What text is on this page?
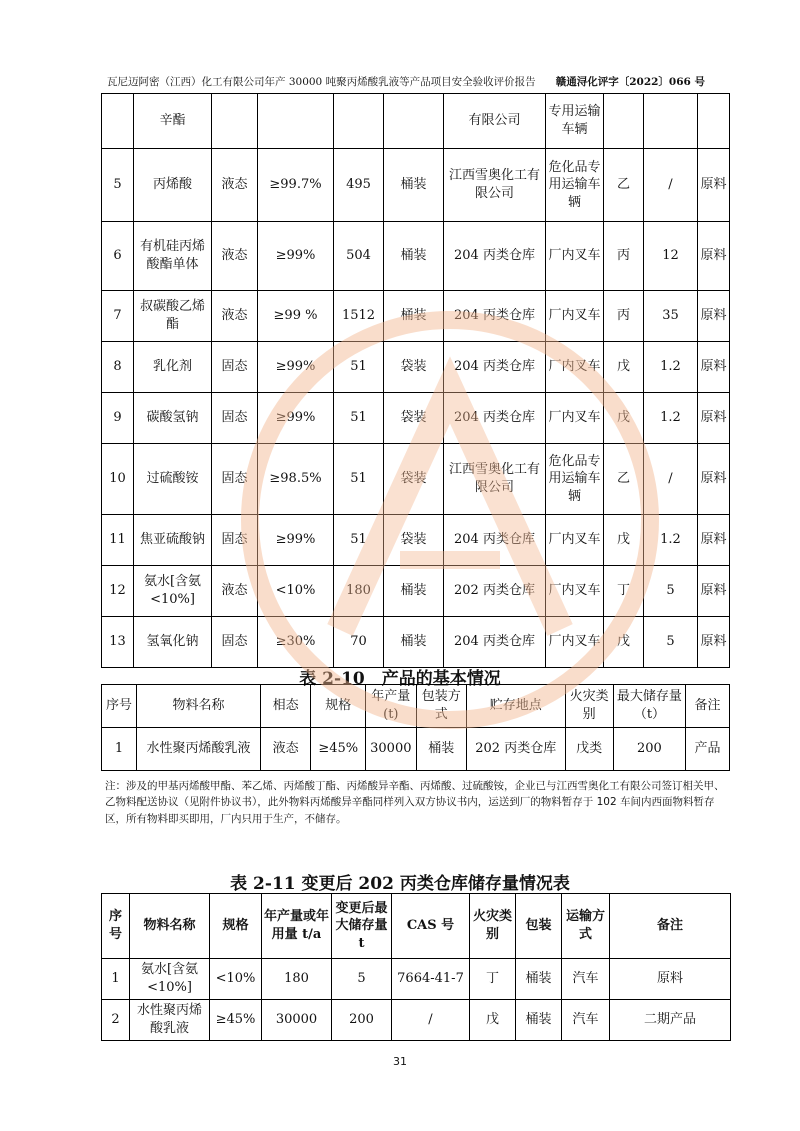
瓦尼迈阿密（江西）化工有限公司年产 30000 吨聚丙烯酸乳液等产品项目安全验收评价报告 赣通浔化评字〔2022〕066 号
	辛酯					有限公司	专用运输车辆			
5	丙烯酸	液态	≥99.7%	495	桶装	江西雪奥化工有限公司	危化品专用运输车辆	乙	/	原料
6	有机硅丙烯酸酯单体	液态	≥99%	504	桶装	204 丙类仓库	厂内叉车	丙	12	原料
7	叔碳酸乙烯酯	液态	≥99 %	1512	桶装	204 丙类仓库	厂内叉车	丙	35	原料
8	乳化剂	固态	≥99%	51	袋装	204 丙类仓库	厂内叉车	戊	1.2	原料
9	碳酸氢钠	固态	≥99%	51	袋装	204 丙类仓库	厂内叉车	戊	1.2	原料
10	过硫酸铵	固态	≥98.5%	51	袋装	江西雪奥化工有限公司	危化品专用运输车辆	乙	/	原料
11	焦亚硫酸钠	固态	≥99%	51	袋装	204 丙类仓库	厂内叉车	戊	1.2	原料
12	氨水[含氨<10%]	液态	<10%	180	桶装	202 丙类仓库	厂内叉车	丁	5	原料
13	氢氧化钠	固态	≥30%	70	桶装	204 丙类仓库	厂内叉车	戊	5	原料
表 2-10　产品的基本情况
序号	物料名称	相态	规格	年产量(t)	包装方式	贮存地点	火灾类别	最大储存量（t）	备注
1	水性聚丙烯酸乳液	液态	≥45%	30000	桶装	202 丙类仓库	戊类	200	产品
注：涉及的甲基丙烯酸甲酯、苯乙烯、丙烯酸丁酯、丙烯酸异辛酯、丙烯酸、过硫酸铵，企业已与江西雪奥化工有限公司签订相关甲、乙物料配送协议（见附件协议书），此外物料丙烯酸异辛酯同样列入双方协议书内，运送到厂的物料暂存于 102 车间内西面物料暂存区，所有物料即买即用，厂内只用于生产，不储存。
表 2-11 变更后 202 丙类仓库储存量情况表
序号	物料名称	规格	年产量或年用量 t/a	变更后最大储存量 t	CAS 号	火灾类别	包装	运输方式	备注
1	氨水[含氨<10%]	<10%	180	5	7664-41-7	丁	桶装	汽车	原料
2	水性聚丙烯酸乳液	≥45%	30000	200	/	戊	桶装	汽车	二期产品
31
